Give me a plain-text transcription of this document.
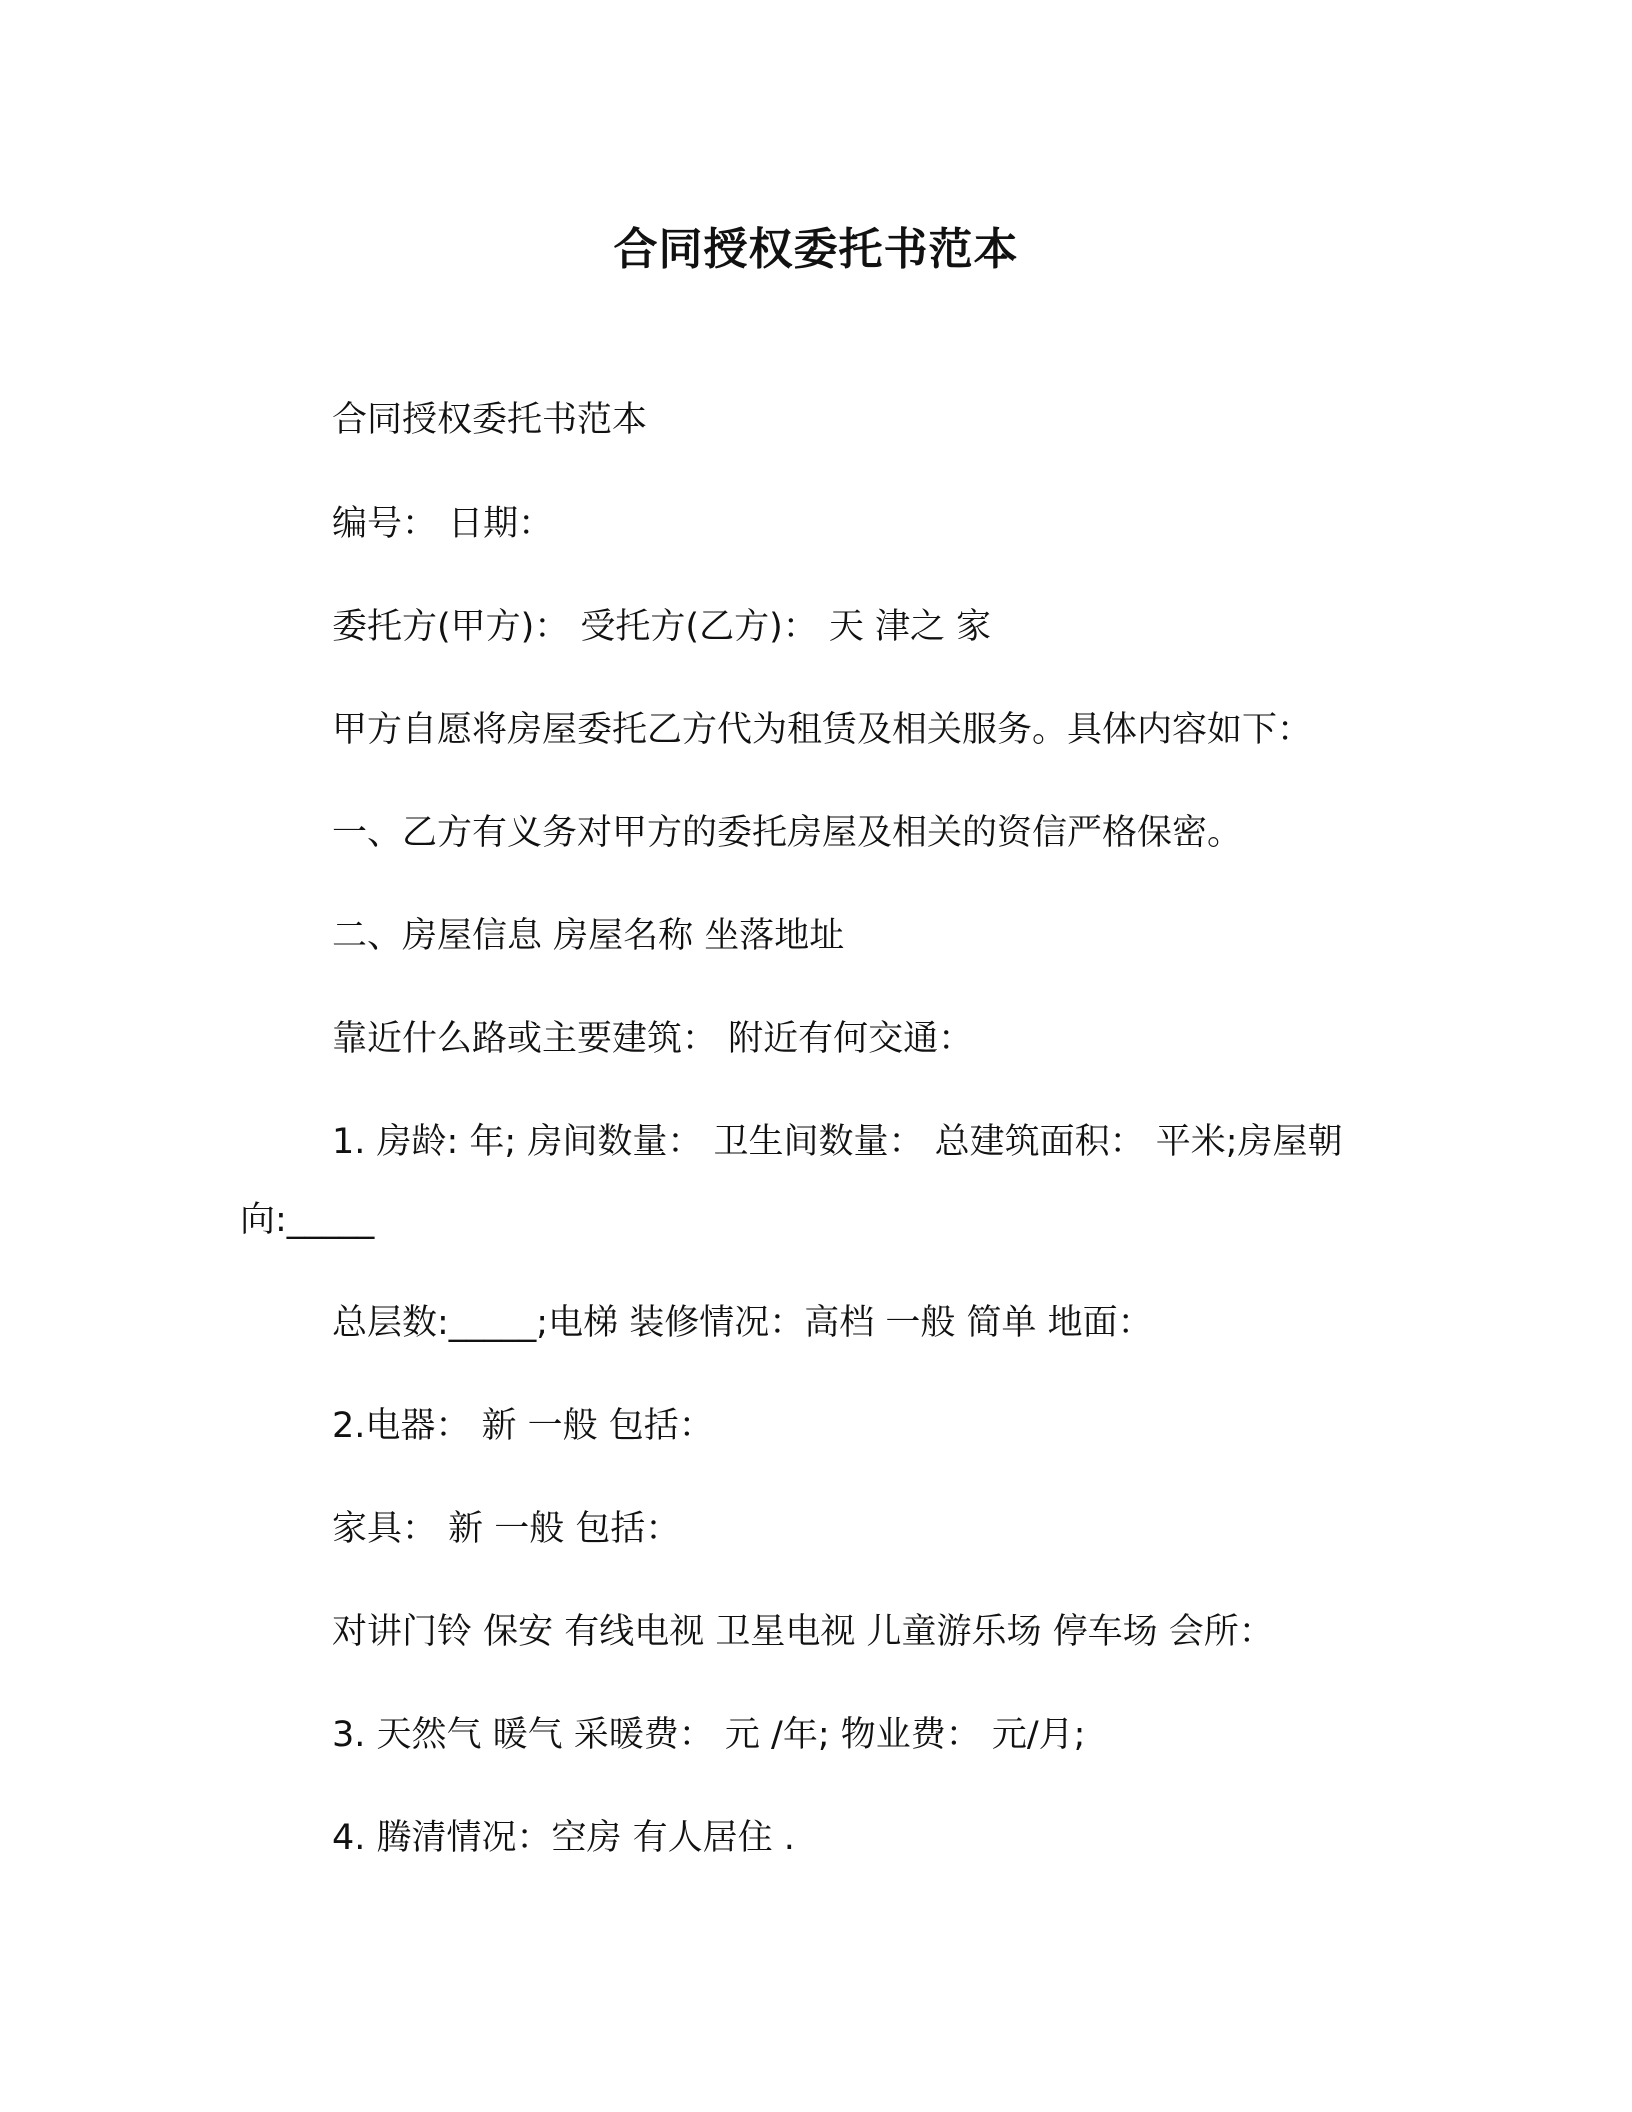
合同授权委托书范本
合同授权委托书范本
编号： 日期：
委托方(甲方)： 受托方(乙方)： 天 津之 家
甲方自愿将房屋委托乙方代为租赁及相关服务。具体内容如下：
一、乙方有义务对甲方的委托房屋及相关的资信严格保密。
二、房屋信息 房屋名称 坐落地址
靠近什么路或主要建筑： 附近有何交通：
1. 房龄: 年; 房间数量： 卫生间数量： 总建筑面积： 平米;房屋朝
向:_____
总层数:_____;电梯 装修情况：高档 一般 简单 地面：
2.电器： 新 一般 包括：
家具： 新 一般 包括：
对讲门铃 保安 有线电视 卫星电视 儿童游乐场 停车场 会所：
3. 天然气 暖气 采暖费： 元 /年; 物业费： 元/月;
4. 腾清情况：空房 有人居住 .
